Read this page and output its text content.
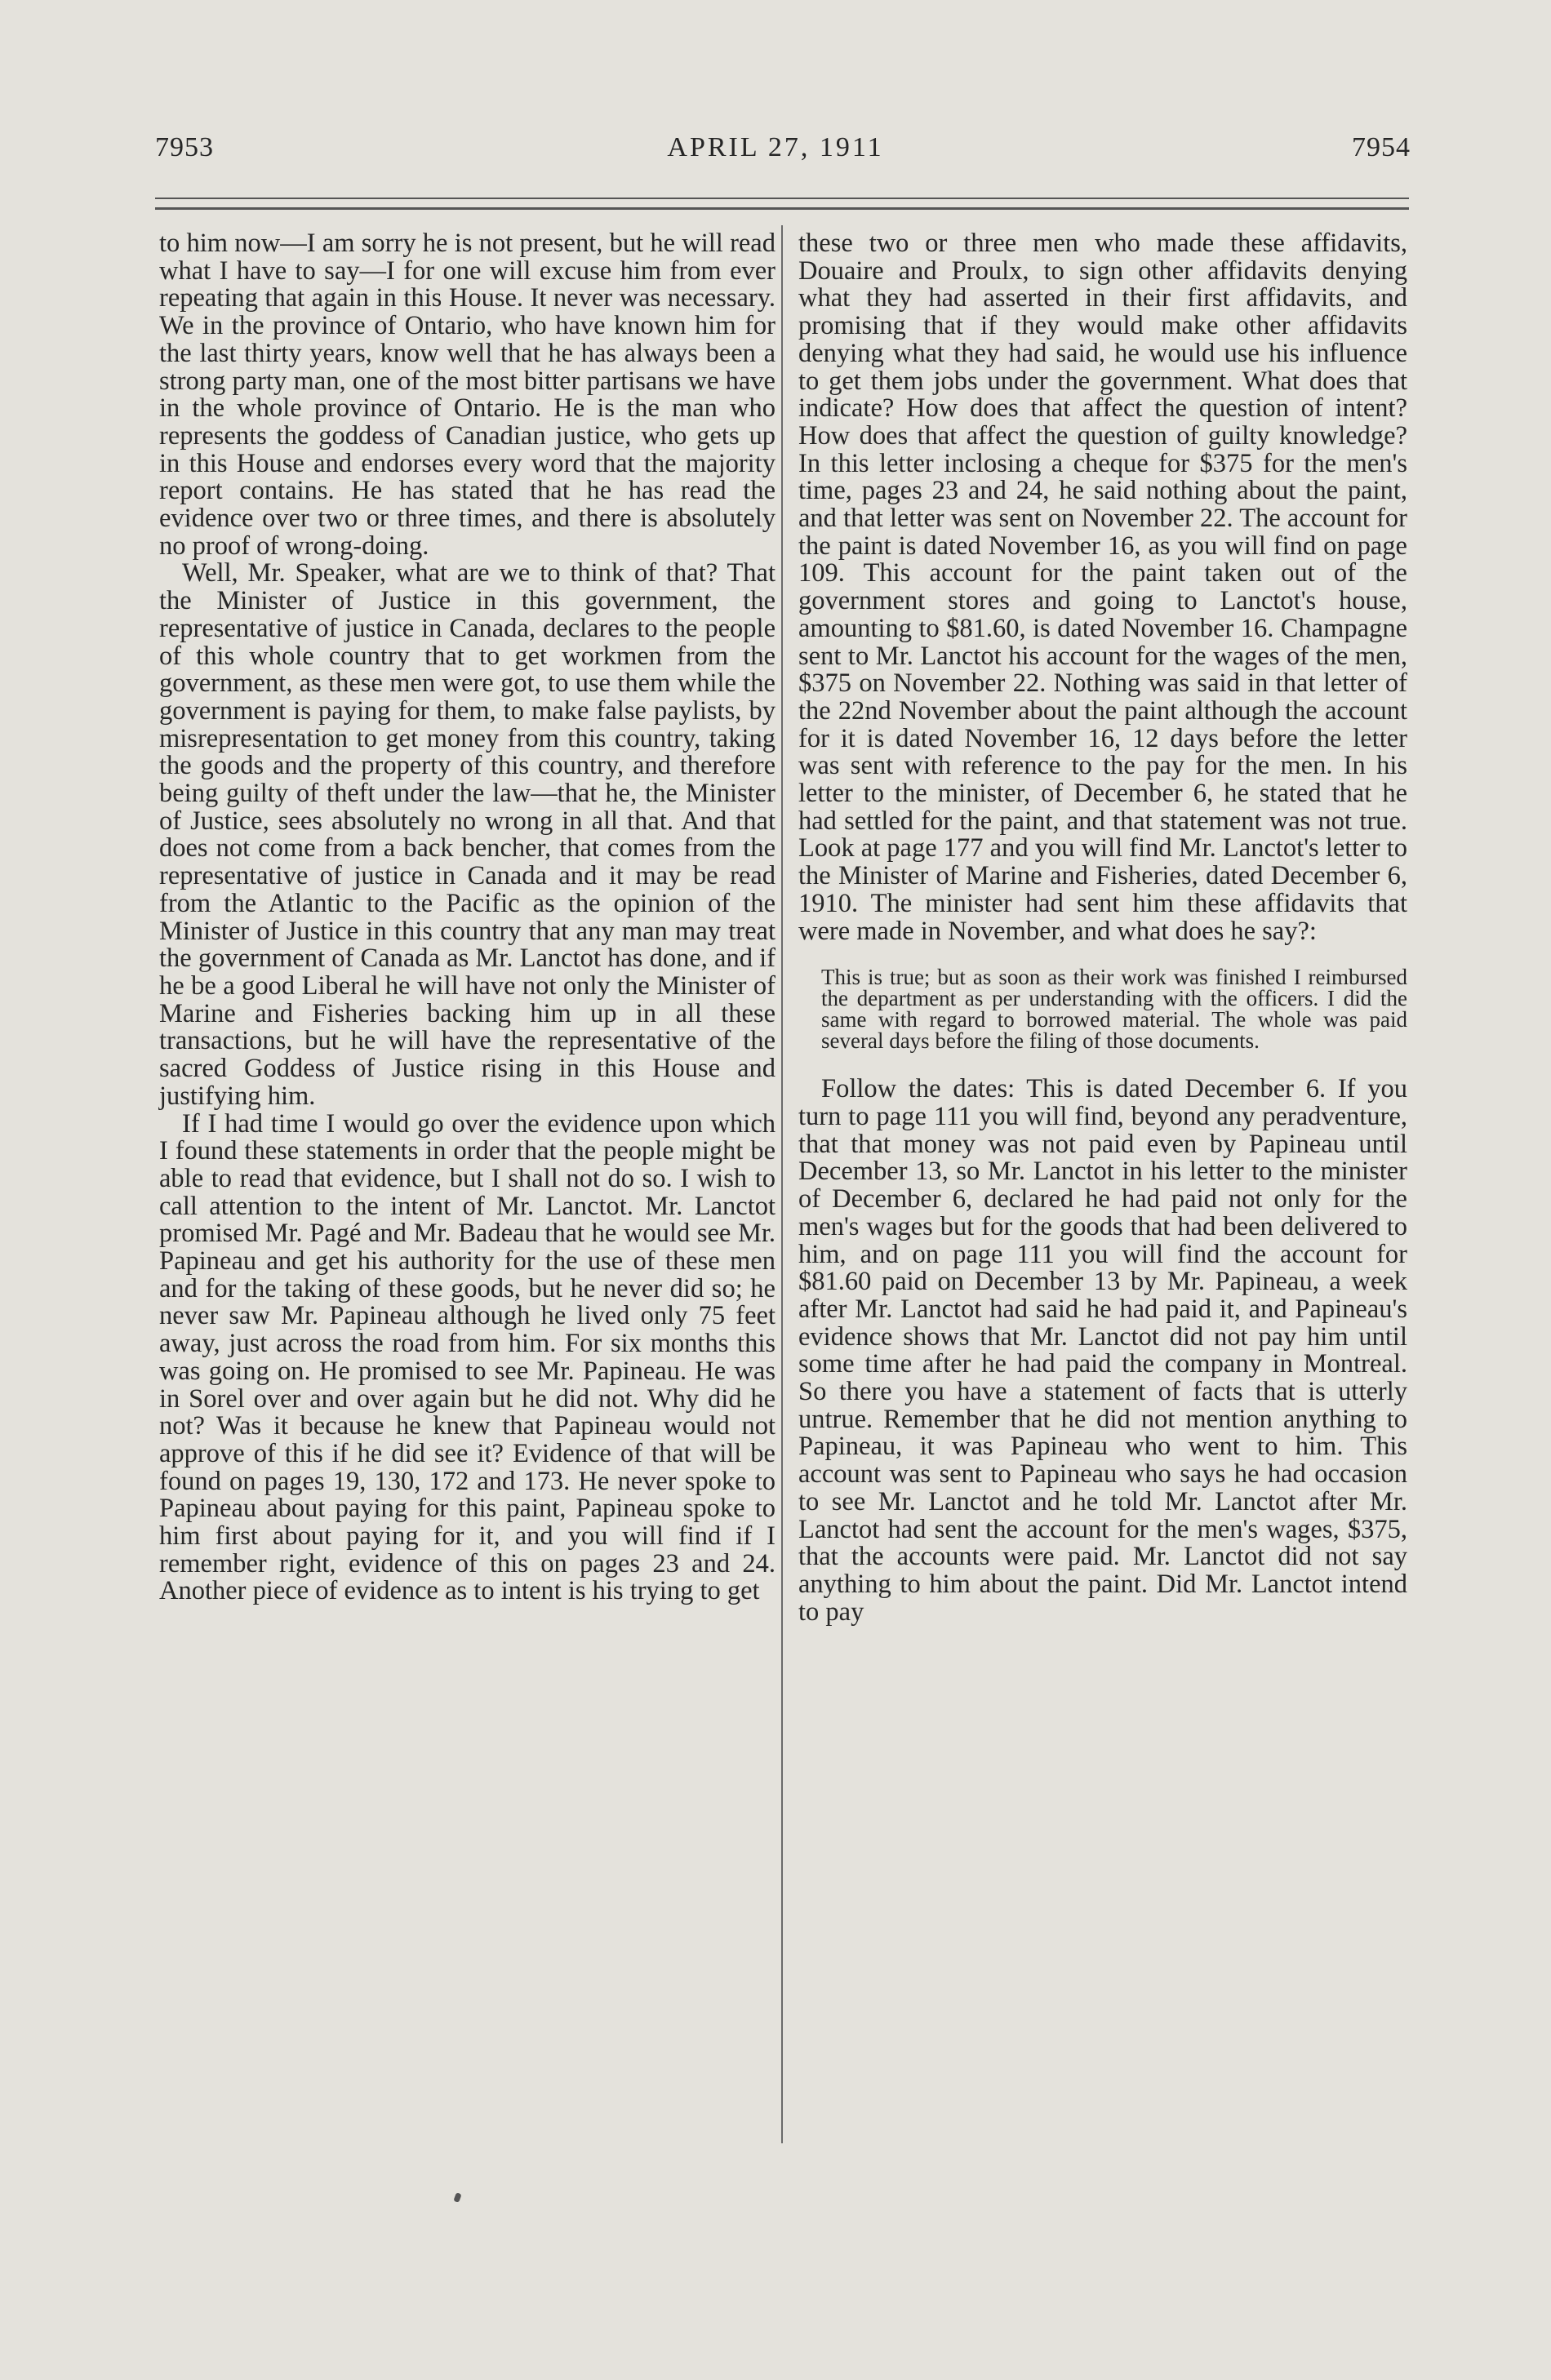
7953	APRIL 27, 1911	7954

to him now—I am sorry he is not present, but he will read what I have to say—I for one will excuse him from ever repeating that again in this House. It never was necessary. We in the province of Ontario, who have known him for the last thirty years, know well that he has always been a strong party man, one of the most bitter partisans we have in the whole province of Ontario. He is the man who represents the goddess of Canadian justice, who gets up in this House and endorses every word that the majority report contains. He has stated that he has read the evidence over two or three times, and there is absolutely no proof of wrong-doing.

Well, Mr. Speaker, what are we to think of that? That the Minister of Justice in this government, the representative of justice in Canada, declares to the people of this whole country that to get workmen from the government, as these men were got, to use them while the government is paying for them, to make false paylists, by misrepresentation to get money from this country, taking the goods and the property of this country, and therefore being guilty of theft under the law—that he, the Minister of Justice, sees absolutely no wrong in all that. And that does not come from a back bencher, that comes from the representative of justice in Canada and it may be read from the Atlantic to the Pacific as the opinion of the Minister of Justice in this country that any man may treat the government of Canada as Mr. Lanctot has done, and if he be a good Liberal he will have not only the Minister of Marine and Fisheries backing him up in all these transactions, but he will have the representative of the sacred Goddess of Justice rising in this House and justifying him.

If I had time I would go over the evidence upon which I found these statements in order that the people might be able to read that evidence, but I shall not do so. I wish to call attention to the intent of Mr. Lanctot. Mr. Lanctot promised Mr. Pagé and Mr. Badeau that he would see Mr. Papineau and get his authority for the use of these men and for the taking of these goods, but he never did so; he never saw Mr. Papineau although he lived only 75 feet away, just across the road from him. For six months this was going on. He promised to see Mr. Papineau. He was in Sorel over and over again but he did not. Why did he not? Was it because he knew that Papineau would not approve of this if he did see it? Evidence of that will be found on pages 19, 130, 172 and 173. He never spoke to Papineau about paying for this paint, Papineau spoke to him first about paying for it, and you will find if I remember right, evidence of this on pages 23 and 24. Another piece of evidence as to intent is his trying to get

these two or three men who made these affidavits, Douaire and Proulx, to sign other affidavits denying what they had asserted in their first affidavits, and promising that if they would make other affidavits denying what they had said, he would use his influence to get them jobs under the government. What does that indicate? How does that affect the question of intent? How does that affect the question of guilty knowledge? In this letter inclosing a cheque for $375 for the men's time, pages 23 and 24, he said nothing about the paint, and that letter was sent on November 22. The account for the paint is dated November 16, as you will find on page 109. This account for the paint taken out of the government stores and going to Lanctot's house, amounting to $81.60, is dated November 16. Champagne sent to Mr. Lanctot his account for the wages of the men, $375 on November 22. Nothing was said in that letter of the 22nd November about the paint although the account for it is dated November 16, 12 days before the letter was sent with reference to the pay for the men. In his letter to the minister, of December 6, he stated that he had settled for the paint, and that statement was not true. Look at page 177 and you will find Mr. Lanctot's letter to the Minister of Marine and Fisheries, dated December 6, 1910. The minister had sent him these affidavits that were made in November, and what does he say?:

This is true; but as soon as their work was finished I reimbursed the department as per understanding with the officers. I did the same with regard to borrowed material. The whole was paid several days before the filing of those documents.

Follow the dates: This is dated December 6. If you turn to page 111 you will find, beyond any peradventure, that that money was not paid even by Papineau until December 13, so Mr. Lanctot in his letter to the minister of December 6, declared he had paid not only for the men's wages but for the goods that had been delivered to him, and on page 111 you will find the account for $81.60 paid on December 13 by Mr. Papineau, a week after Mr. Lanctot had said he had paid it, and Papineau's evidence shows that Mr. Lanctot did not pay him until some time after he had paid the company in Montreal. So there you have a statement of facts that is utterly untrue. Remember that he did not mention anything to Papineau, it was Papineau who went to him. This account was sent to Papineau who says he had occasion to see Mr. Lanctot and he told Mr. Lanctot after Mr. Lanctot had sent the account for the men's wages, $375, that the accounts were paid. Mr. Lanctot did not say anything to him about the paint. Did Mr. Lanctot intend to pay
